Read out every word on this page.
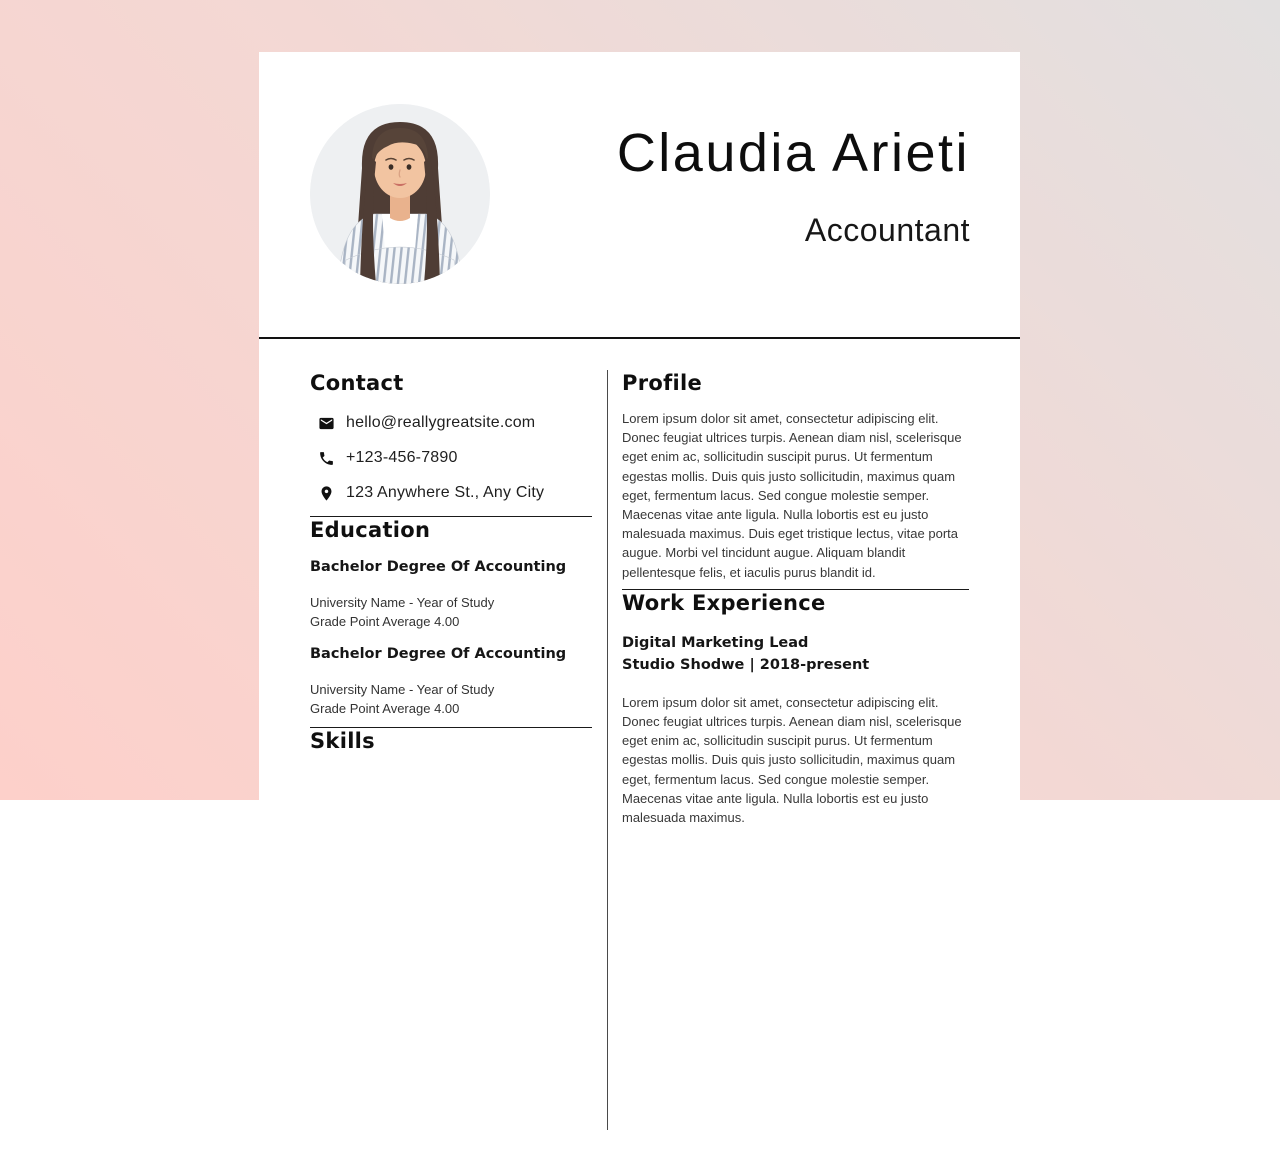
Claudia Arieti
Accountant
Contact
hello@reallygreatsite.com
+123-456-7890
123 Anywhere St., Any City
Education
Bachelor Degree Of Accounting
University Name - Year of Study
Grade Point Average 4.00
Bachelor Degree Of Accounting
University Name - Year of Study
Grade Point Average 4.00
Skills
Profile

Lorem ipsum dolor sit amet, consectetur adipiscing elit. Donec feugiat ultrices turpis. Aenean diam nisl, scelerisque eget enim ac, sollicitudin suscipit purus. Ut fermentum egestas mollis. Duis quis justo sollicitudin, maximus quam eget, fermentum lacus. Sed congue molestie semper. Maecenas vitae ante ligula. Nulla lobortis est eu justo malesuada maximus. Duis eget tristique lectus, vitae porta augue. Morbi vel tincidunt augue. Aliquam blandit pellentesque felis, et iaculis purus blandit id.

Work Experience
Digital Marketing Lead
Studio Shodwe | 2018-present

Lorem ipsum dolor sit amet, consectetur adipiscing elit. Donec feugiat ultrices turpis. Aenean diam nisl, scelerisque eget enim ac, sollicitudin suscipit purus. Ut fermentum egestas mollis. Duis quis justo sollicitudin, maximus quam eget, fermentum lacus. Sed congue molestie semper. Maecenas vitae ante ligula. Nulla lobortis est eu justo malesuada maximus.
